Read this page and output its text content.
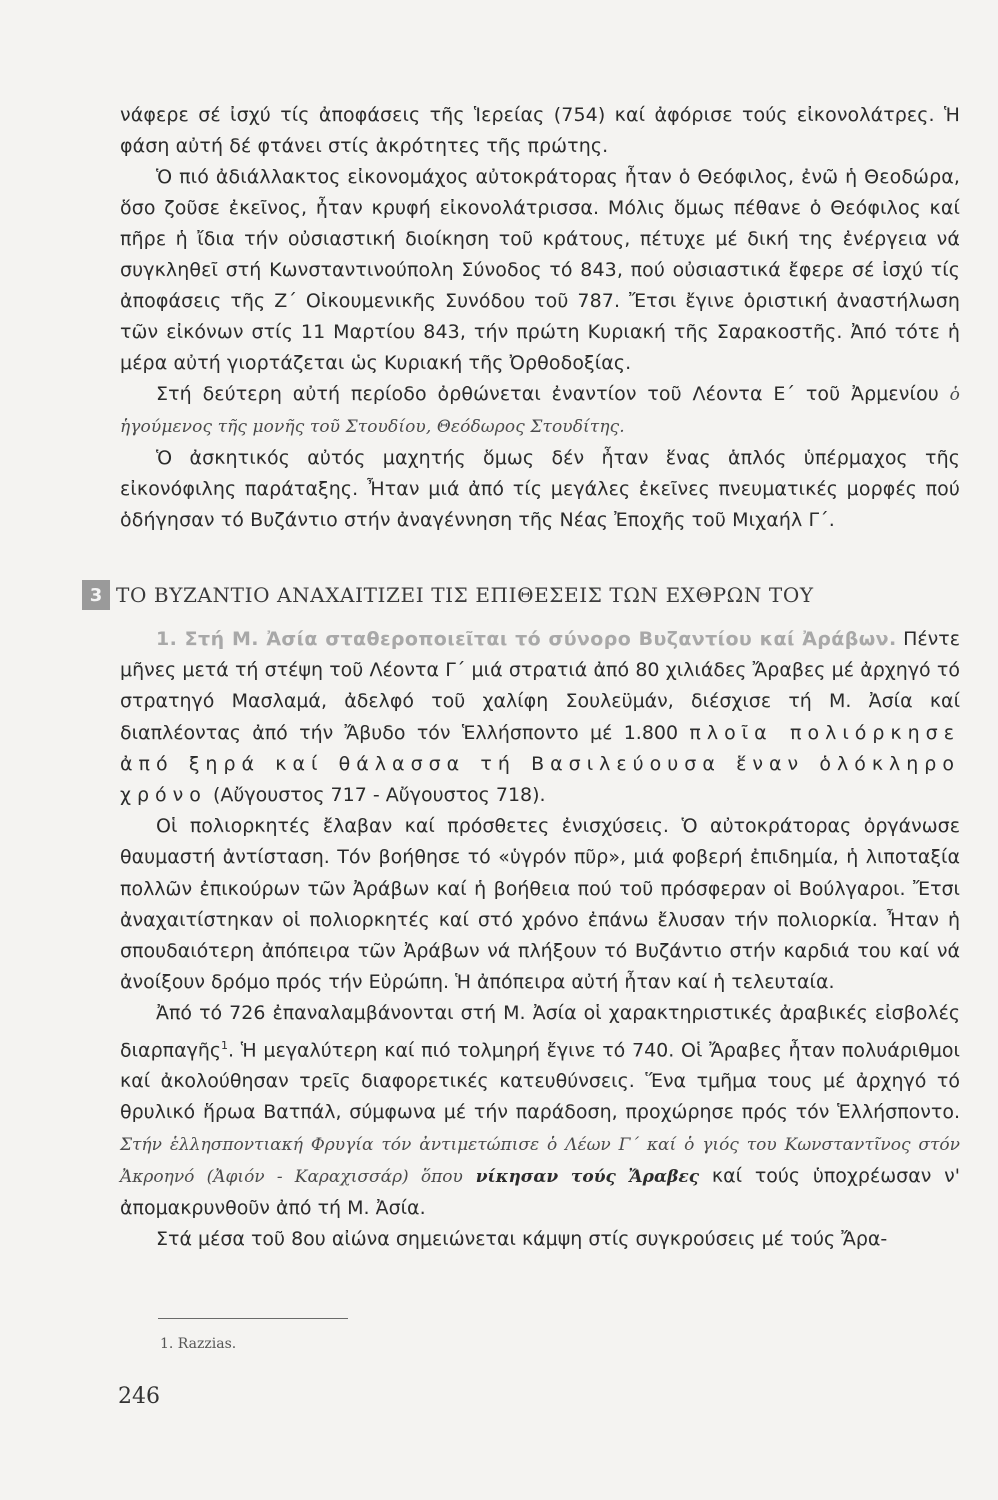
νάφερε σέ ἰσχύ τίς ἀποφάσεις τῆς Ἱερείας (754) καί ἀφόρισε τούς εἰκονολάτρες. Ἡ φάση αὐτή δέ φτάνει στίς ἀκρότητες τῆς πρώτης.

Ὁ πιό ἀδιάλλακτος εἰκονομάχος αὐτοκράτορας ἦταν ὁ Θεόφιλος, ἐνῶ ἡ Θεοδώρα, ὅσο ζοῦσε ἐκεῖνος, ἦταν κρυφή εἰκονολάτρισσα. Μόλις ὅμως πέθανε ὁ Θεόφιλος καί πῆρε ἡ ἴδια τήν οὐσιαστική διοίκηση τοῦ κράτους, πέτυχε μέ δική της ἐνέργεια νά συγκληθεῖ στή Κωνσταντινούπολη Σύνοδος τό 843, πού οὐσιαστικά ἔφερε σέ ἰσχύ τίς ἀποφάσεις τῆς Ζ΄ Οἰκουμενικῆς Συνόδου τοῦ 787. Ἔτσι ἔγινε ὁριστική ἀναστήλωση τῶν εἰκόνων στίς 11 Μαρτίου 843, τήν πρώτη Κυριακή τῆς Σαρακοστῆς. Ἀπό τότε ἡ μέρα αὐτή γιορτάζεται ὡς Κυριακή τῆς Ὀρθοδοξίας.

Στή δεύτερη αὐτή περίοδο ὀρθώνεται ἐναντίον τοῦ Λέοντα Ε΄ τοῦ Ἀρμενίου ὁ ἡγούμενος τῆς μονῆς τοῦ Στουδίου, Θεόδωρος Στουδίτης.

Ὁ ἀσκητικός αὐτός μαχητής ὅμως δέν ἦταν ἕνας ἁπλός ὑπέρμαχος τῆς εἰκονόφιλης παράταξης. Ἦταν μιά ἀπό τίς μεγάλες ἐκεῖνες πνευματικές μορφές πού ὁδήγησαν τό Βυζάντιο στήν ἀναγέννηση τῆς Νέας Ἐποχῆς τοῦ Μιχαήλ Γ΄.

3 ΤΟ ΒΥΖΑΝΤΙΟ ΑΝΑΧΑΙΤΙΖΕΙ ΤΙΣ ΕΠΙΘΕΣΕΙΣ ΤΩΝ ΕΧΘΡΩΝ ΤΟΥ

1. Στή Μ. Ἀσία σταθεροποιεῖται τό σύνορο Βυζαντίου καί Ἀράβων. Πέντε μῆνες μετά τή στέψη τοῦ Λέοντα Γ΄ μιά στρατιά ἀπό 80 χιλιάδες Ἄραβες μέ ἀρχηγό τό στρατηγό Μασλαμά, ἀδελφό τοῦ χαλίφη Σουλεϋμάν, διέσχισε τή Μ. Ἀσία καί διαπλέοντας ἀπό τήν Ἄβυδο τόν Ἑλλήσποντο μέ 1.800 πλοῖα πολιόρκησε ἀπό ξηρά καί θάλασσα τή Βασιλεύουσα ἕναν ὁλόκληρο χρόνο (Αὔγουστος 717 - Αὔγουστος 718).

Οἱ πολιορκητές ἔλαβαν καί πρόσθετες ἐνισχύσεις. Ὁ αὐτοκράτορας ὀργάνωσε θαυμαστή ἀντίσταση. Τόν βοήθησε τό «ὑγρόν πῦρ», μιά φοβερή ἐπιδημία, ἡ λιποταξία πολλῶν ἐπικούρων τῶν Ἀράβων καί ἡ βοήθεια πού τοῦ πρόσφεραν οἱ Βούλγαροι. Ἔτσι ἀναχαιτίστηκαν οἱ πολιορκητές καί στό χρόνο ἐπάνω ἔλυσαν τήν πολιορκία. Ἦταν ἡ σπουδαιότερη ἀπόπειρα τῶν Ἀράβων νά πλήξουν τό Βυζάντιο στήν καρδιά του καί νά ἀνοίξουν δρόμο πρός τήν Εὐρώπη. Ἡ ἀπόπειρα αὐτή ἦταν καί ἡ τελευταία.

Ἀπό τό 726 ἐπαναλαμβάνονται στή Μ. Ἀσία οἱ χαρακτηριστικές ἀραβικές εἰσβολές διαρπαγῆς$^1$. Ἡ μεγαλύτερη καί πιό τολμηρή ἔγινε τό 740. Οἱ Ἄραβες ἦταν πολυάριθμοι καί ἀκολούθησαν τρεῖς διαφορετικές κατευθύνσεις. Ἕνα τμῆμα τους μέ ἀρχηγό τό θρυλικό ἥρωα Βατπάλ, σύμφωνα μέ τήν παράδοση, προχώρησε πρός τόν Ἑλλήσποντο. Στήν ἑλλησποντιακή Φρυγία τόν ἀντιμετώπισε ὁ Λέων Γ΄ καί ὁ γιός του Κωνσταντῖνος στόν Ἀκροηνό (Ἀφιόν - Καραχισσάρ) ὅπου νίκησαν τούς Ἄραβες καί τούς ὑποχρέωσαν ν' ἀπομακρυνθοῦν ἀπό τή Μ. Ἀσία.

Στά μέσα τοῦ 8ου αἰώνα σημειώνεται κάμψη στίς συγκρούσεις μέ τούς Ἄρα-

1. Razzias.
246
